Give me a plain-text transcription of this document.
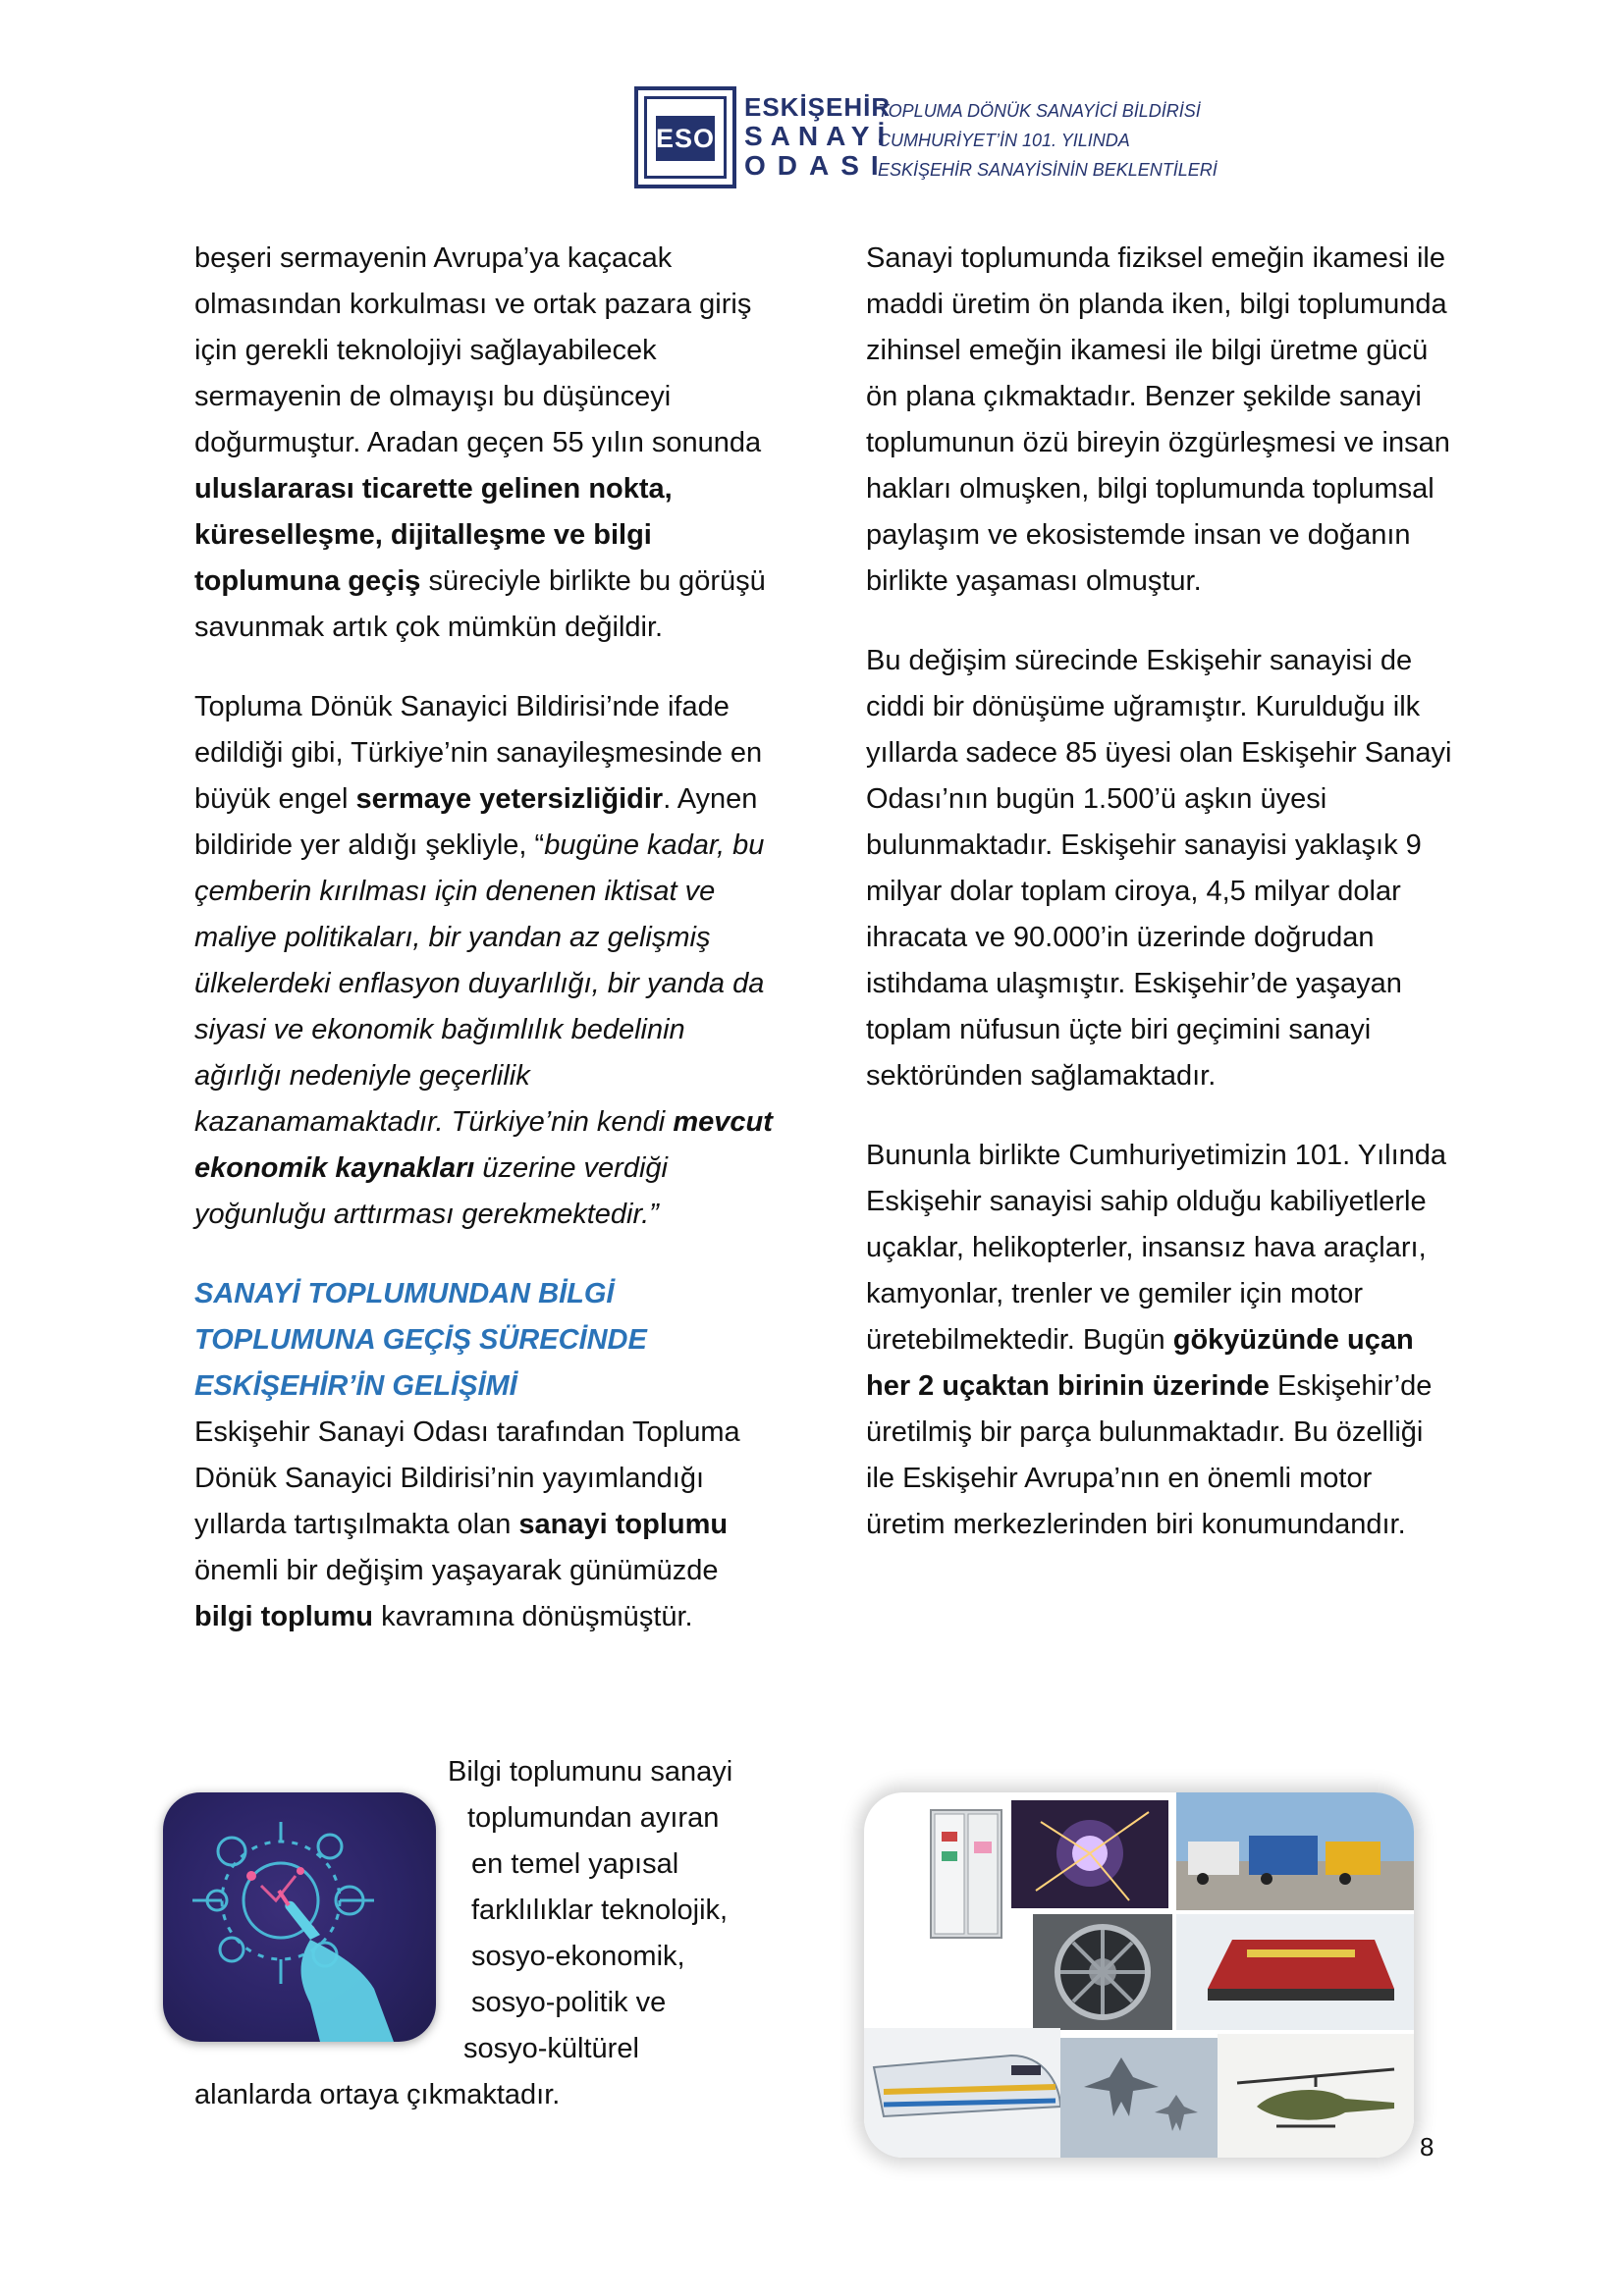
ESO
ESKİŞEHİR
SANAYİ
ODASI
TOPLUMA DÖNÜK SANAYİCİ BİLDİRİSİ
CUMHURİYET’İN 101. YILINDA
ESKİŞEHİR SANAYİSİNİN BEKLENTİLERİ

beşeri sermayenin Avrupa’ya kaçacak olmasından korkulması ve ortak pazara giriş için gerekli teknolojiyi sağlayabilecek sermayenin de olmayışı bu düşünceyi doğurmuştur. Aradan geçen 55 yılın sonunda uluslararası ticarette gelinen nokta, küreselleşme, dijitalleşme ve bilgi toplumuna geçiş süreciyle birlikte bu görüşü savunmak artık çok mümkün değildir.

Topluma Dönük Sanayici Bildirisi’nde ifade edildiği gibi, Türkiye’nin sanayileşmesinde en büyük engel sermaye yetersizliğidir. Aynen bildiride yer aldığı şekliyle, “bugüne kadar, bu çemberin kırılması için denenen iktisat ve maliye politikaları, bir yandan az gelişmiş ülkelerdeki enflasyon duyarlılığı, bir yanda da siyasi ve ekonomik bağımlılık bedelinin ağırlığı nedeniyle geçerlilik kazanamamaktadır. Türkiye’nin kendi mevcut ekonomik kaynakları üzerine verdiği yoğunluğu arttırması gerekmektedir.”

SANAYİ TOPLUMUNDAN BİLGİ TOPLUMUNA GEÇİŞ SÜRECİNDE ESKİŞEHİR’İN GELİŞİMİ

Eskişehir Sanayi Odası tarafından Topluma Dönük Sanayici Bildirisi’nin yayımlandığı yıllarda tartışılmakta olan sanayi toplumu önemli bir değişim yaşayarak günümüzde bilgi toplumu kavramına dönüşmüştür.

Bilgi toplumunu sanayi
toplumundan ayıran
en temel yapısal
farklılıklar teknolojik,
sosyo-ekonomik,
sosyo-politik ve
sosyo-kültürel
alanlarda ortaya çıkmaktadır.

Sanayi toplumunda fiziksel emeğin ikamesi ile maddi üretim ön planda iken, bilgi toplumunda zihinsel emeğin ikamesi ile bilgi üretme gücü ön plana çıkmaktadır. Benzer şekilde sanayi toplumunun özü bireyin özgürleşmesi ve insan hakları olmuşken, bilgi toplumunda toplumsal paylaşım ve ekosistemde insan ve doğanın birlikte yaşaması olmuştur.

Bu değişim sürecinde Eskişehir sanayisi de ciddi bir dönüşüme uğramıştır. Kurulduğu ilk yıllarda sadece 85 üyesi olan Eskişehir Sanayi Odası’nın bugün 1.500’ü aşkın üyesi bulunmaktadır. Eskişehir sanayisi yaklaşık 9 milyar dolar toplam ciroya, 4,5 milyar dolar ihracata ve 90.000’in üzerinde doğrudan istihdama ulaşmıştır. Eskişehir’de yaşayan toplam nüfusun üçte biri geçimini sanayi sektöründen sağlamaktadır.

Bununla birlikte Cumhuriyetimizin 101. Yılında Eskişehir sanayisi sahip olduğu kabiliyetlerle uçaklar, helikopterler, insansız hava araçları, kamyonlar, trenler ve gemiler için motor üretebilmektedir. Bugün gökyüzünde uçan her 2 uçaktan birinin üzerinde Eskişehir’de üretilmiş bir parça bulunmaktadır. Bu özelliği ile Eskişehir Avrupa’nın en önemli motor üretim merkezlerinden biri konumundandır.

8
